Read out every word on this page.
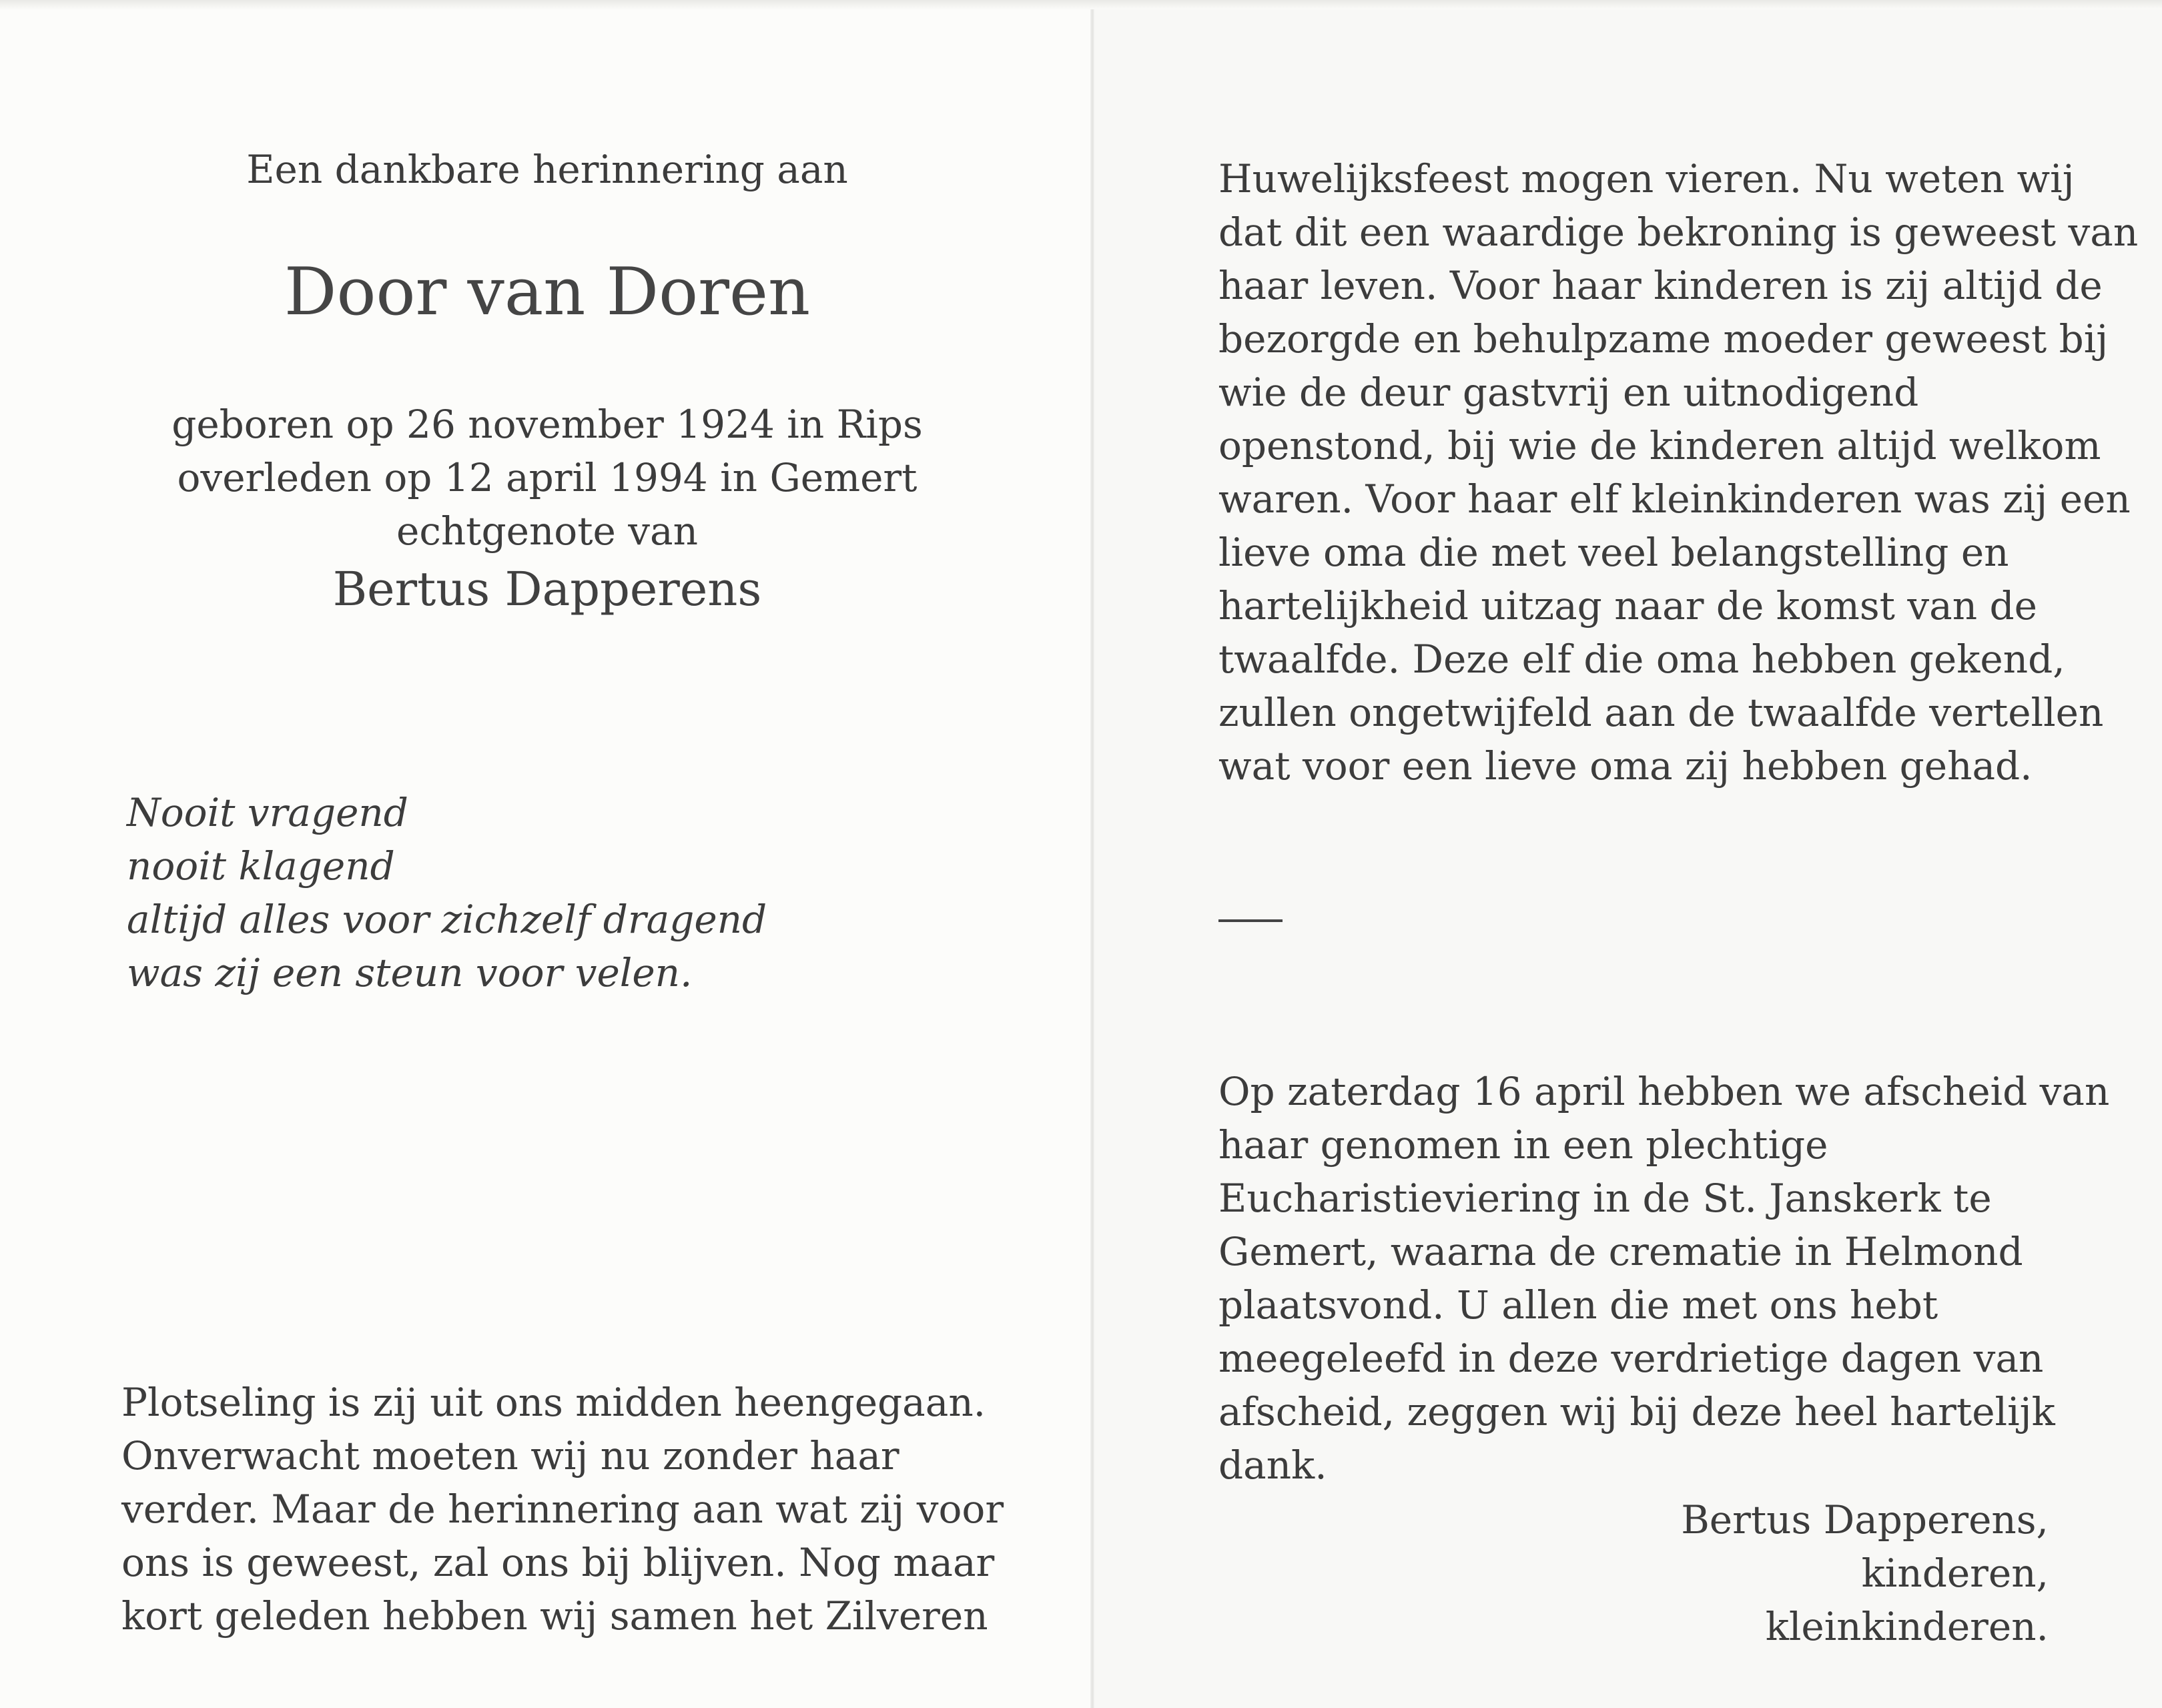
Een dankbare herinnering aan
Door van Doren
geboren op 26 november 1924 in Rips
overleden op 12 april 1994 in Gemert
echtgenote van
Bertus Dapperens
Nooit vragend
nooit klagend
altijd alles voor zichzelf dragend
was zij een steun voor velen.
Plotseling is zij uit ons midden heengegaan.
Onverwacht moeten wij nu zonder haar
verder. Maar de herinnering aan wat zij voor
ons is geweest, zal ons bij blijven. Nog maar
kort geleden hebben wij samen het Zilveren
Huwelijksfeest mogen vieren. Nu weten wij
dat dit een waardige bekroning is geweest van
haar leven. Voor haar kinderen is zij altijd de
bezorgde en behulpzame moeder geweest bij
wie de deur gastvrij en uitnodigend
openstond, bij wie de kinderen altijd welkom
waren. Voor haar elf kleinkinderen was zij een
lieve oma die met veel belangstelling en
hartelijkheid uitzag naar de komst van de
twaalfde. Deze elf die oma hebben gekend,
zullen ongetwijfeld aan de twaalfde vertellen
wat voor een lieve oma zij hebben gehad.
Op zaterdag 16 april hebben we afscheid van
haar genomen in een plechtige
Eucharistieviering in de St. Janskerk te
Gemert, waarna de crematie in Helmond
plaatsvond. U allen die met ons hebt
meegeleefd in deze verdrietige dagen van
afscheid, zeggen wij bij deze heel hartelijk
dank.
Bertus Dapperens,
kinderen,
kleinkinderen.
